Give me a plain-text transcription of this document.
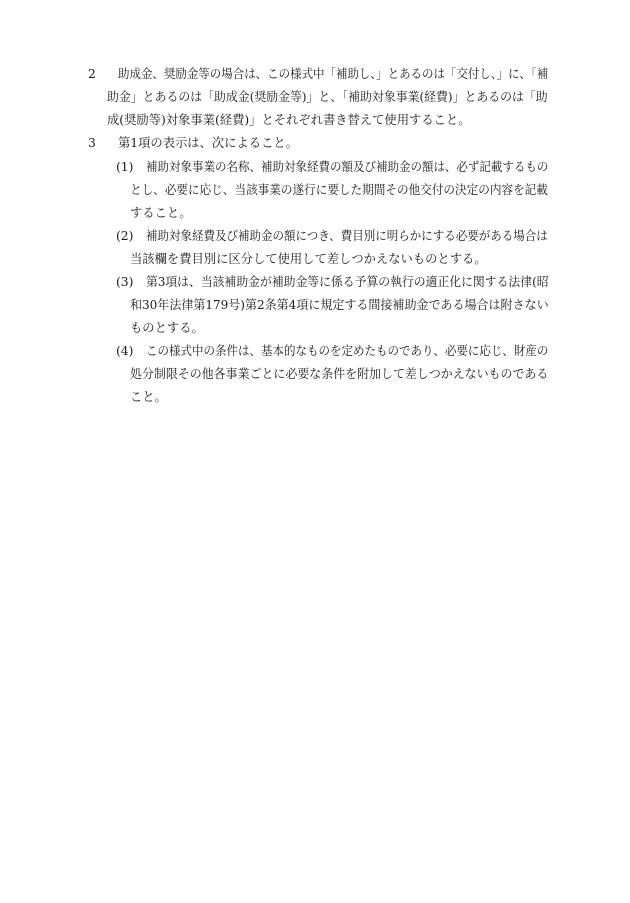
2 助成金、奨励金等の場合は、この様式中「補助し、」とあるのは「交付し、」に、「補
助金」とあるのは「助成金(奨励金等)」と、「補助対象事業(経費)」とあるのは「助
成(奨励等)対象事業(経費)」とそれぞれ書き替えて使用すること。
3 第1項の表示は、次によること。
(1) 補助対象事業の名称、補助対象経費の額及び補助金の額は、必ず記載するもの
とし、必要に応じ、当該事業の遂行に要した期間その他交付の決定の内容を記載
すること。
(2) 補助対象経費及び補助金の額につき、費目別に明らかにする必要がある場合は
当該欄を費目別に区分して使用して差しつかえないものとする。
(3) 第3項は、当該補助金が補助金等に係る予算の執行の適正化に関する法律(昭
和30年法律第179号)第2条第4項に規定する間接補助金である場合は附さない
ものとする。
(4) この様式中の条件は、基本的なものを定めたものであり、必要に応じ、財産の
処分制限その他各事業ごとに必要な条件を附加して差しつかえないものである
こと。
